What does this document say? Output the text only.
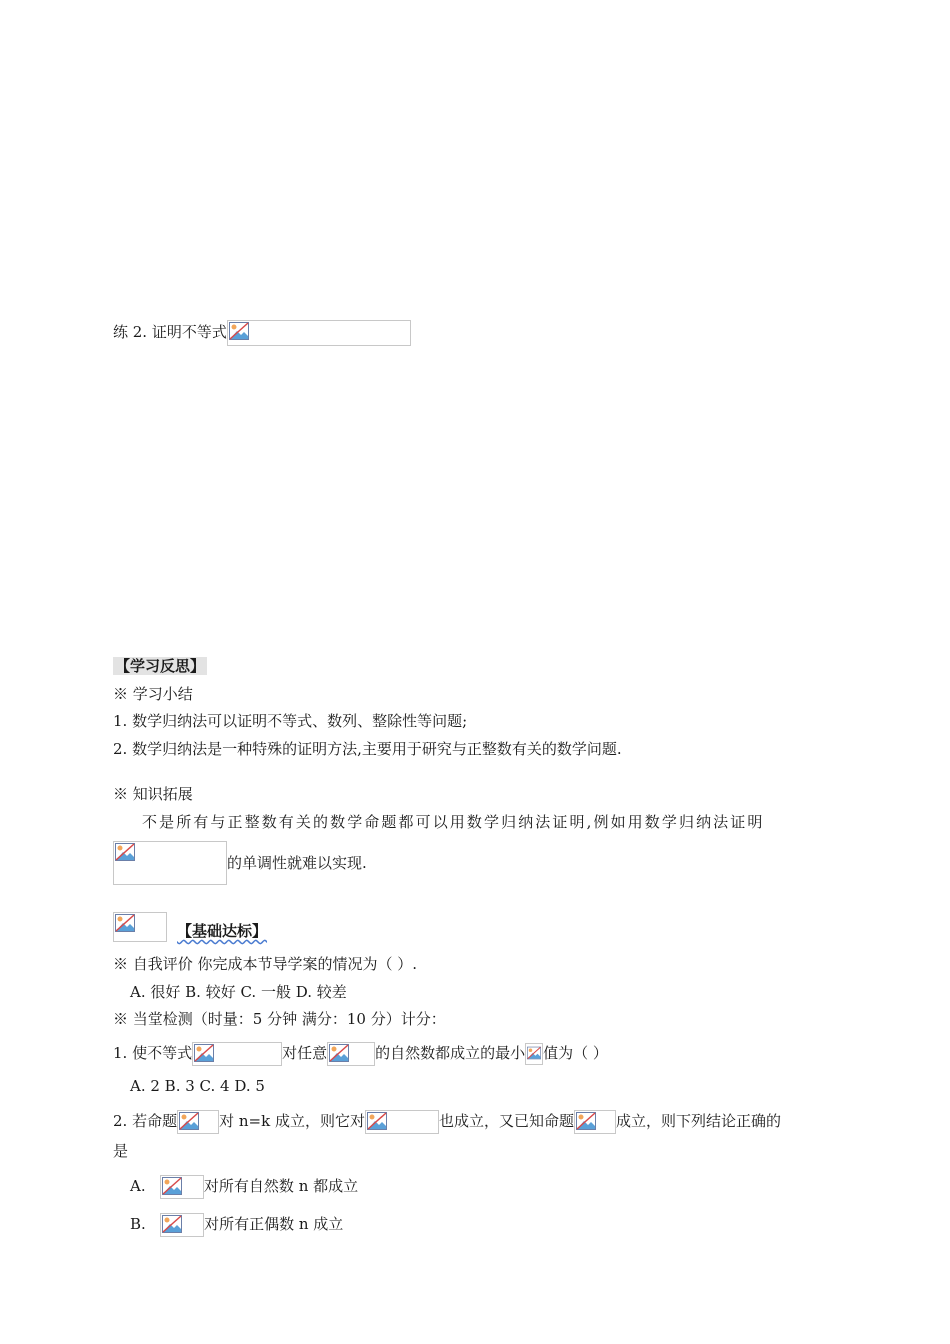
练 2. 证明不等式
【学习反思】
※ 学习小结
1. 数学归纳法可以证明不等式、数列、整除性等问题;
2. 数学归纳法是一种特殊的证明方法,主要用于研究与正整数有关的数学问题.
※ 知识拓展
不是所有与正整数有关的数学命题都可以用数学归纳法证明,例如用数学归纳法证明
的单调性就难以实现.
【基础达标】
※ 自我评价 你完成本节导学案的情况为（ ）.
A. 很好 B. 较好 C. 一般 D. 较差
※ 当堂检测（时量：5 分钟 满分：10 分）计分：
1. 使不等式	对任意	的自然数都成立的最小 值为（ ）
A. 2 B. 3 C. 4 D. 5
2. 若命题	对 n=k 成立，则它对	也成立，又已知命题	成立，则下列结论正确的
是
A.	对所有自然数 n 都成立
B.	对所有正偶数 n 成立
